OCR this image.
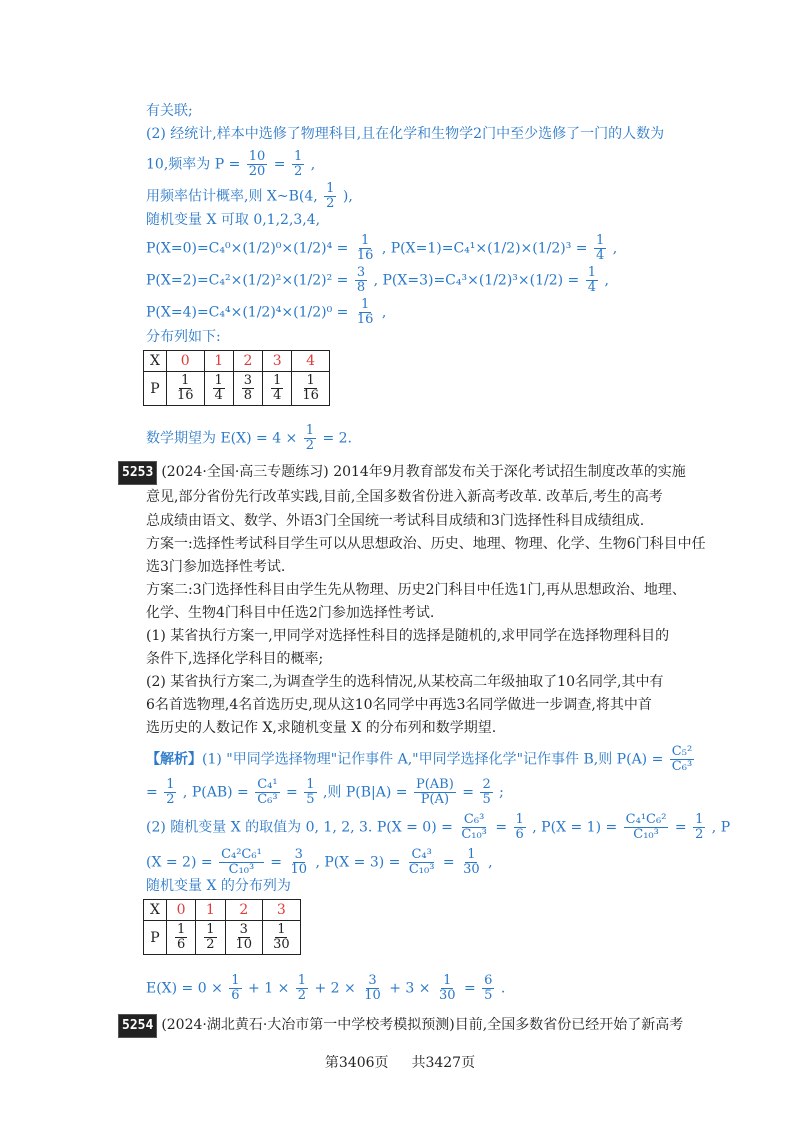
有关联;
(2) 经统计,样本中选修了物理科目,且在化学和生物学2门中至少选修了一门的人数为
10,频率为 $P = \frac{10}{20} = \frac{1}{2}$ ,
用频率估计概率,则 X~B(4, $\frac{1}{2}$ ),
随机变量 X 可取 0,1,2,3,4,
$P(X=0)=C_4^0\times(1/2)^0\times(1/2)^4 = \frac{1}{16}$ , $P(X=1)=C_4^1\times(1/2)\times(1/2)^3 = \frac{1}{4}$ ,
$P(X=2)=C_4^2\times(1/2)^2\times(1/2)^2 = \frac{3}{8}$ , $P(X=3)=C_4^3\times(1/2)^3\times(1/2) = \frac{1}{4}$ ,
$P(X=4)=C_4^4\times(1/2)^4\times(1/2)^0 = \frac{1}{16}$ ,
分布列如下:
X	0	1	2	3	4
P	$\frac{1}{16}$	$\frac{1}{4}$	$\frac{3}{8}$	$\frac{1}{4}$	$\frac{1}{16}$
数学期望为 $E(X) = 4 \times \frac{1}{2} = 2$.
5253 (2024·全国·高三专题练习) 2014年9月教育部发布关于深化考试招生制度改革的实施
意见,部分省份先行改革实践,目前,全国多数省份进入新高考改革. 改革后,考生的高考
总成绩由语文、数学、外语3门全国统一考试科目成绩和3门选择性科目成绩组成.
方案一:选择性考试科目学生可以从思想政治、历史、地理、物理、化学、生物6门科目中任
选3门参加选择性考试.
方案二:3门选择性科目由学生先从物理、历史2门科目中任选1门,再从思想政治、地理、
化学、生物4门科目中任选2门参加选择性考试.
(1) 某省执行方案一,甲同学对选择性科目的选择是随机的,求甲同学在选择物理科目的
条件下,选择化学科目的概率;
(2) 某省执行方案二,为调查学生的选科情况,从某校高二年级抽取了10名同学,其中有
6名首选物理,4名首选历史,现从这10名同学中再选3名同学做进一步调查,将其中首
选历史的人数记作 X,求随机变量 X 的分布列和数学期望.
【解析】(1) "甲同学选择物理"记作事件 A,"甲同学选择化学"记作事件 B,则 $P(A) = \frac{\text{C₅²}}{\text{C₆³}}$
= $\frac{1}{2}$ , $P(AB) = \frac{\text{C₄¹}}{\text{C₆³}} = \frac{1}{5}$ ,则 $P(B|A) = \frac{P(AB)}{P(A)} = \frac{2}{5}$ ;
(2) 随机变量 X 的取值为 0, 1, 2, 3. $P(X = 0) = \frac{\text{C₆³}}{\text{C₁₀³}} = \frac{1}{6}$ , $P(X = 1) = \frac{\text{C₄¹C₆²}}{\text{C₁₀³}} = \frac{1}{2}$ , P
$(X = 2) = \frac{\text{C₄²C₆¹}}{\text{C₁₀³}} = \frac{3}{10}$ , $P(X = 3) = \frac{\text{C₄³}}{\text{C₁₀³}} = \frac{1}{30}$ ,
随机变量 X 的分布列为
X	0	1	2	3
P	$\frac{1}{6}$	$\frac{1}{2}$	$\frac{3}{10}$	$\frac{1}{30}$
$E(X) = 0 \times \frac{1}{6} + 1 \times \frac{1}{2} + 2 \times \frac{3}{10} + 3 \times \frac{1}{30} = \frac{6}{5}$ .
5254 (2024·湖北黄石·大冶市第一中学校考模拟预测)目前,全国多数省份已经开始了新高考
第3406页 共3427页
